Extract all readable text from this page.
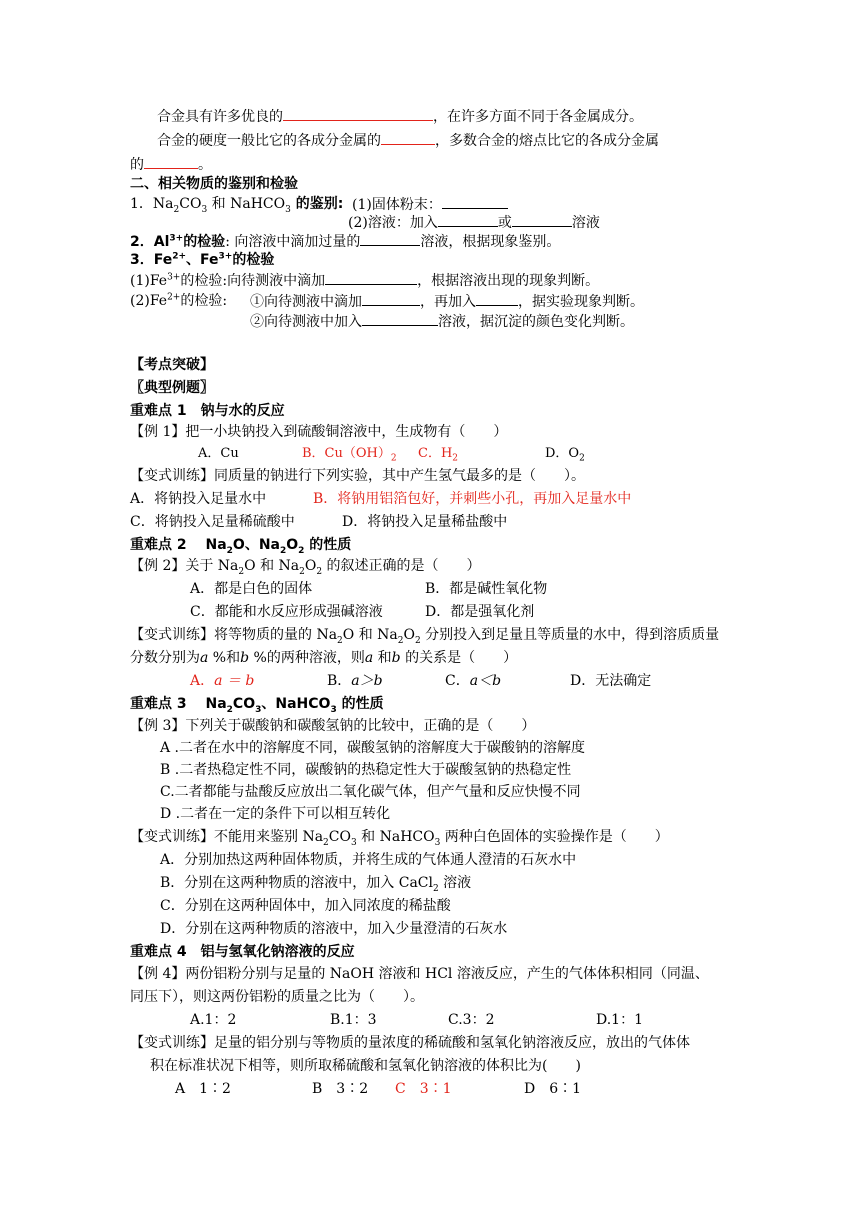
合金具有许多优良的	，在许多方面不同于各金属成分。
合金的硬度一般比它的各成分金属的	，多数合金的熔点比它的各成分金属
的	。
二、相关物质的鉴别和检验
1．$Na_2CO_3$ 和 NaHCO$_3$ 的鉴别: (1)固体粉末：
(2)溶液：加入	或	溶液
2．$Al^{3+}$的检验: 向溶液中滴加过量的	溶液，根据现象鉴别。
3．$Fe^{2+}$、$Fe^{3+}$的检验
$(1)Fe^{3+}$的检验:向待测液中滴加	，根据溶液出现的现象判断。
$(2)Fe^{2+}$的检验: ①向待测液中滴加	，再加入	，据实验现象判断。
②向待测液中加入	溶液，据沉淀的颜色变化判断。
【考点突破】
〖典型例题〗
重难点 1　钠与水的反应
【例 1】把一小块钠投入到硫酸铜溶液中，生成物有（　　）
A．Cu	B．$Cu(OH)_2$ C．$H_2$	D．$O_2$
【变式训练】同质量的钠进行下列实验，其中产生氢气最多的是（　　）。
A．将钠投入足量水中	B．将钠用铝箔包好，并刺些小孔，再加入足量水中
C．将钠投入足量稀硫酸中	D．将钠投入足量稀盐酸中
重难点 2　 $Na_2O$、$Na_2O_2$ 的性质
【例 2】关于 $Na_2O$ 和 $Na_2O_2$ 的叙述正确的是（　　）
A．都是白色的固体	B．都是碱性氧化物
C．都能和水反应形成强碱溶液	D．都是强氧化剂
【变式训练】将等物质的量的 $Na_2O$ 和 $Na_2O_2$ 分别投入到足量且等质量的水中，得到溶质质量
分数分别为a %和b %的两种溶液，则a 和b 的关系是（　　）
A．a ＝ b	B．a＞b	C．a＜b	D．无法确定
重难点 3　 $Na_2CO_3$、NaHCO$_3$ 的性质
【例 3】下列关于碳酸钠和碳酸氢钠的比较中，正确的是（　　）
A .二者在水中的溶解度不同，碳酸氢钠的溶解度大于碳酸钠的溶解度
B .二者热稳定性不同，碳酸钠的热稳定性大于碳酸氢钠的热稳定性
C.二者都能与盐酸反应放出二氧化碳气体，但产气量和反应快慢不同
D .二者在一定的条件下可以相互转化
【变式训练】不能用来鉴别 $Na_2CO_3$ 和 NaHCO$_3$ 两种白色固体的实验操作是（　　）
A．分别加热这两种固体物质，并将生成的气体通人澄清的石灰水中
B．分别在这两种物质的溶液中，加入 CaCl$_2$ 溶液
C．分别在这两种固体中，加入同浓度的稀盐酸
D．分别在这两种物质的溶液中，加入少量澄清的石灰水
重难点 4　铝与氢氧化钠溶液的反应
【例 4】两份铝粉分别与足量的 NaOH 溶液和 HCl 溶液反应，产生的气体体积相同（同温、
同压下），则这两份铝粉的质量之比为（　　）。
A.1：2	B.1：3	C.3：2	D.1：1
【变式训练】足量的铝分别与等物质的量浓度的稀硫酸和氢氧化钠溶液反应，放出的气体体
积在标准状况下相等，则所取稀硫酸和氢氧化钠溶液的体积比为(　　)
A　1∶2	B　3∶2 C　3∶1	D　6∶1
